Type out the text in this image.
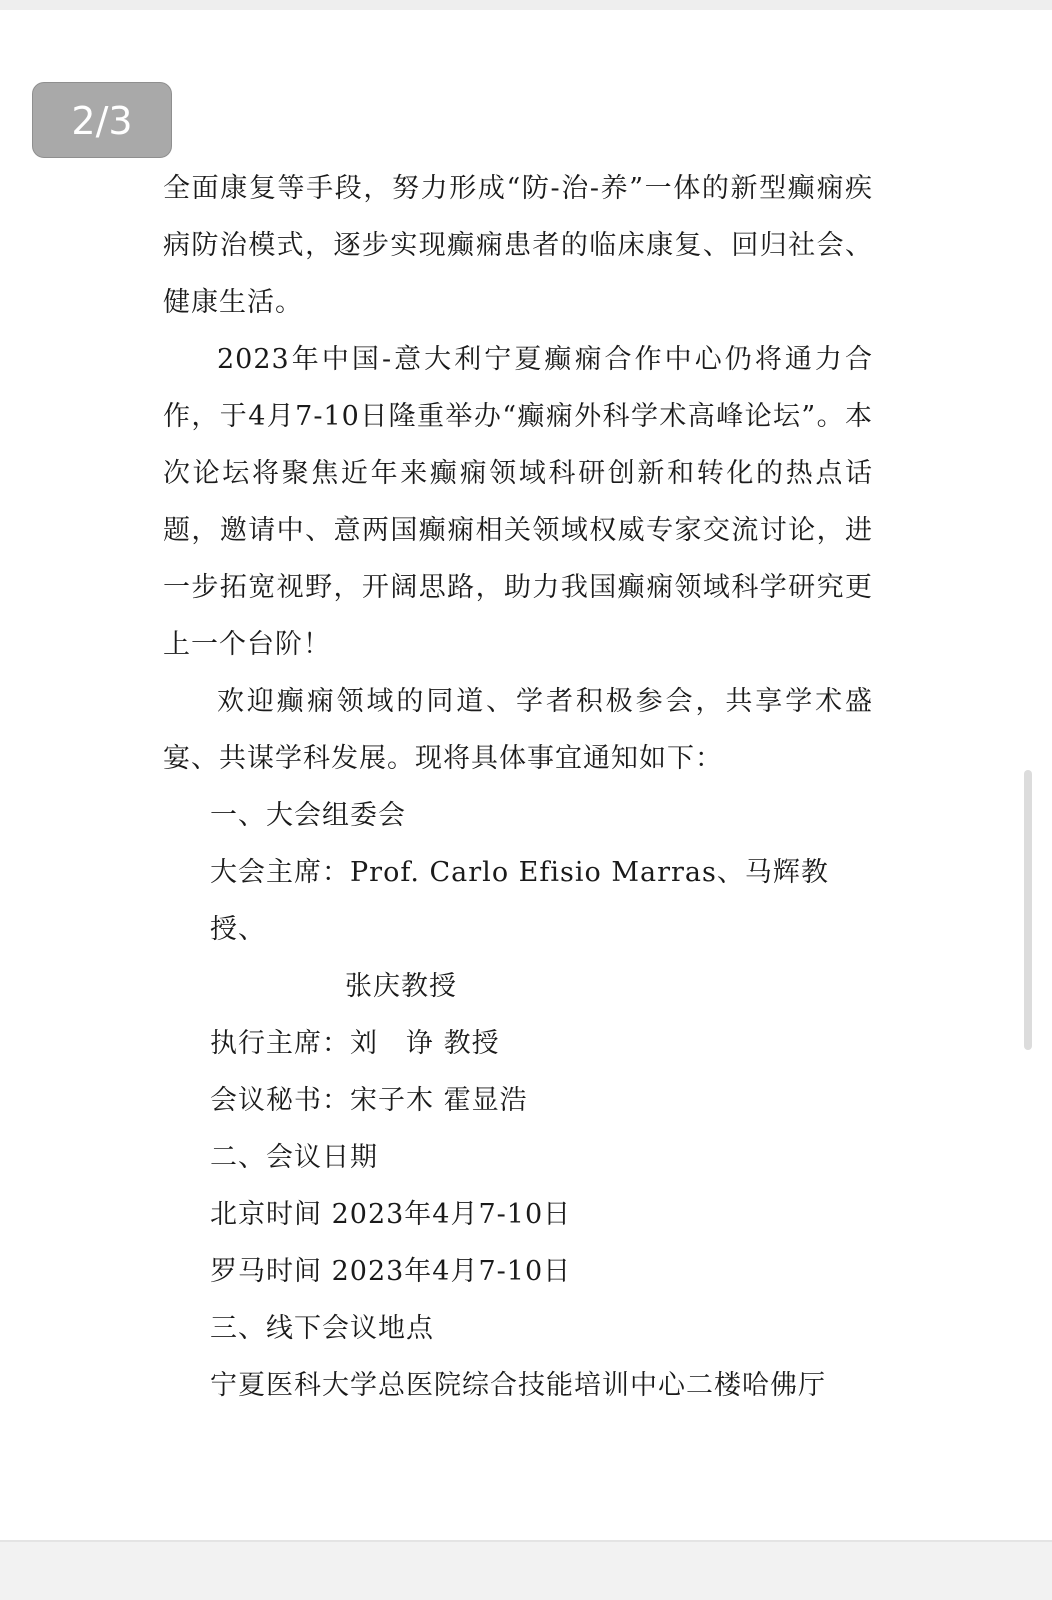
2/3

全面康复等手段，努力形成“防-治-养”一体的新型癫痫疾病防治模式，逐步实现癫痫患者的临床康复、回归社会、健康生活。

2023年中国-意大利宁夏癫痫合作中心仍将通力合作，于4月7-10日隆重举办“癫痫外科学术高峰论坛”。本次论坛将聚焦近年来癫痫领域科研创新和转化的热点话题，邀请中、意两国癫痫相关领域权威专家交流讨论，进一步拓宽视野，开阔思路，助力我国癫痫领域科学研究更上一个台阶！

欢迎癫痫领域的同道、学者积极参会，共享学术盛宴、共谋学科发展。现将具体事宜通知如下：

一、大会组委会

大会主席：Prof. Carlo Efisio Marras、马辉教授、

张庆教授

执行主席：刘　诤 教授

会议秘书：宋子木 霍显浩

二、会议日期

北京时间 2023年4月7-10日

罗马时间 2023年4月7-10日

三、线下会议地点

宁夏医科大学总医院综合技能培训中心二楼哈佛厅
